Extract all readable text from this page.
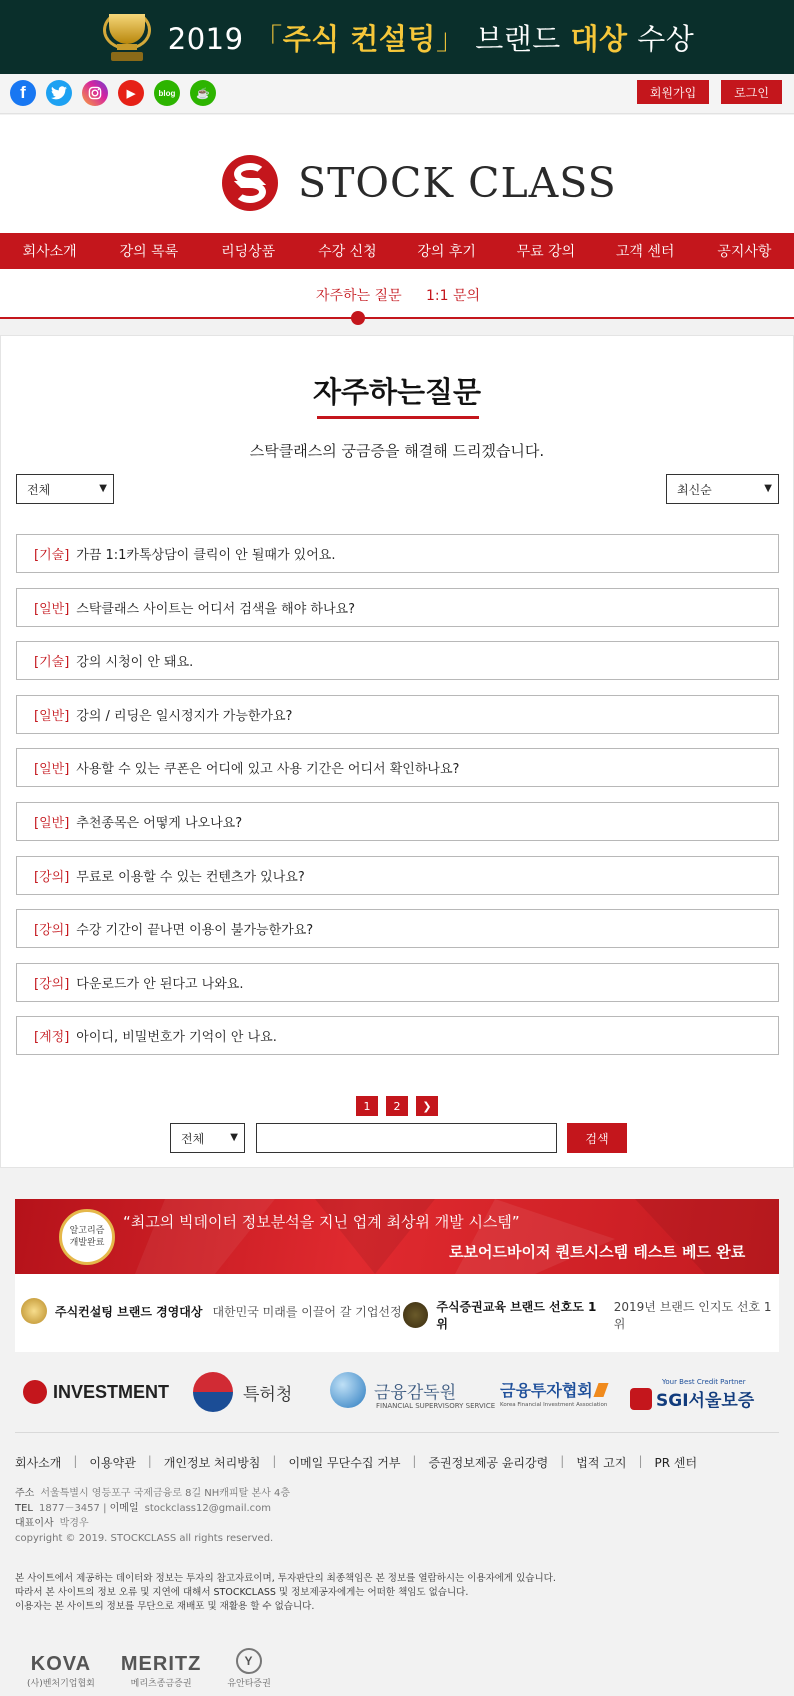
2019 「주식 컨설팅」 브랜드 대상 수상
f	▶	blog	☕	회원가입	로그인
STOCK CLASS
회사소개	강의 목록	리딩상품	수강 신청	강의 후기	무료 강의	고객 센터	공지사항
자주하는 질문 1:1 문의
자주하는질문
스탁클래스의 궁금증을 해결해 드리겠습니다.
전체	▼	최신순	▼
[기술] 가끔 1:1카톡상담이 클릭이 안 될때가 있어요.
[일반] 스탁클래스 사이트는 어디서 검색을 해야 하나요?
[기술] 강의 시청이 안 돼요.
[일반] 강의 / 리딩은 일시정지가 가능한가요?
[일반] 사용할 수 있는 쿠폰은 어디에 있고 사용 기간은 어디서 확인하나요?
[일반] 추천종목은 어떻게 나오나요?
[강의] 무료로 이용할 수 있는 컨텐츠가 있나요?
[강의] 수강 기간이 끝나면 이용이 불가능한가요?
[강의] 다운로드가 안 된다고 나와요.
[계정] 아이디, 비밀번호가 기억이 안 나요.
1	2	❯
전체	▼	검색
알고리즘
개발완료
“최고의 빅데이터 정보분석을 지닌 업계 최상위 개발 시스템”
로보어드바이저 퀀트시스템 테스트 베드 완료
주식컨설팅 브랜드 경영대상 대한민국 미래를 이끌어 갈 기업선정	주식증권교육 브랜드 선호도 1위
2019년 브랜드 인지도 선호 1위
INVESTMENT	특허청	금융감독원
FINANCIAL SUPERVISORY SERVICE
금융투자협회
Korea Financial Investment Association
Your Best Credit Partner
SGI서울보증
회사소개 | 이용약관 | 개인정보 처리방침 | 이메일 무단수집 거부 | 증권정보제공 윤리강령 | 법적 고지 | PR 센터
주소 서울특별시 영등포구 국제금융로 8길 NH캐피탈 본사 4층
TEL 1877－3457 | 이메일 stockclass12@gmail.com
대표이사 박경우
copyright © 2019. STOCKCLASS all rights reserved.
본 사이트에서 제공하는 데이터와 정보는 투자의 참고자료이며, 투자판단의 최종책임은 본 정보를 열람하시는 이용자에게 있습니다.
따라서 본 사이트의 정보 오류 및 지연에 대해서 STOCKCLASS 및 정보제공자에게는 어떠한 책임도 없습니다.
이용자는 본 사이트의 정보를 무단으로 재배포 및 재활용 할 수 없습니다.
KOVA
(사)벤처기업협회
MERITZ
메리츠종금증권
Y
유안타증권
